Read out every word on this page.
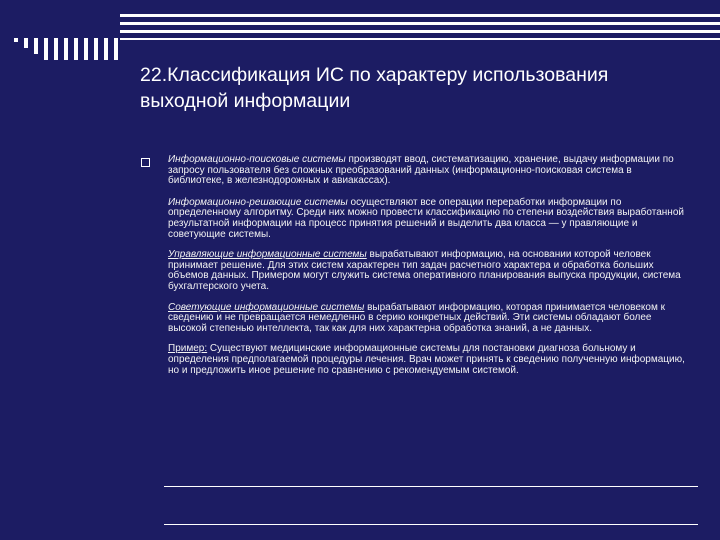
22.Классификация ИС по характеру использования выходной информации

Информационно-поисковые системы производят ввод, систематизацию, хранение, выдачу информации по запросу пользователя без сложных преобразований данных (информационно-поисковая система в библиотеке, в железнодорожных и авиакассах).

Информационно-решающие системы осуществляют все операции переработки информации по определенному алгоритму. Среди них можно провести классификацию по степени воздействия выработанной результатной информации на процесс принятия решений и выделить два класса — у правляющие и советующие системы.

Управляющие информационные системы вырабатывают информацию, на основании которой человек принимает решение. Для этих систем характерен тип задач расчетного характера и обработка больших объемов данных. Примером могут служить система оперативного планирования выпуска продукции, система бухгалтерского учета.

Советующие информационные системы вырабатывают информацию, которая принимается человеком к сведению и не превращается немедленно в серию конкретных действий. Эти системы обладают более высокой степенью интеллекта, так как для них характерна обработка знаний, а не данных.

Пример: Существуют медицинские информационные системы для постановки диагноза больному и определения предполагаемой процедуры лечения. Врач может принять к сведению полученную информацию, но и предложить иное решение по сравнению с рекомендуемым системой.
